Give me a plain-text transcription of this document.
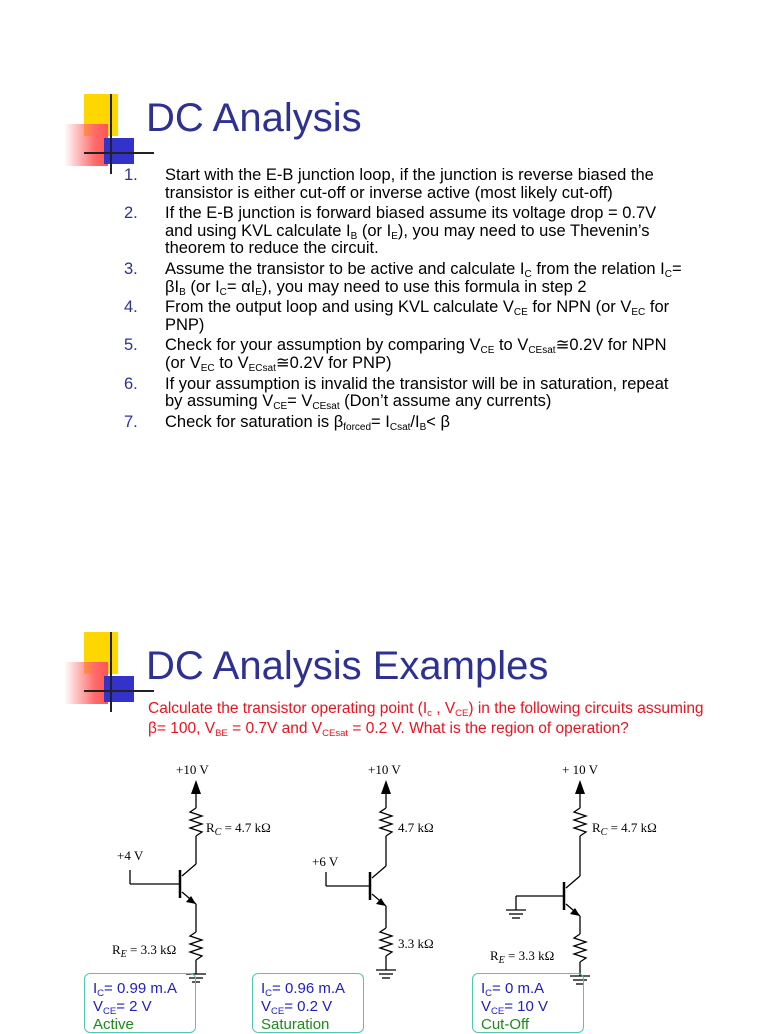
DC Analysis
1. Start with the E-B junction loop, if the junction is reverse biased the transistor is either cut-off or inverse active (most likely cut-off)
2. If the E-B junction is forward biased assume its voltage drop = 0.7V and using KVL calculate $I_B$ (or $I_E$), you may need to use Thevenin’s theorem to reduce the circuit.
3. Assume the transistor to be active and calculate $I_C$ from the relation $I_C= \beta I_B$ (or $I_C= \alpha I_E$), you may need to use this formula in step 2
4. From the output loop and using KVL calculate $V_{CE}$ for NPN (or $V_{EC}$ for PNP)
5. Check for your assumption by comparing $V_{CE}$ to $V_{CEsat}≅0.2V$ for NPN (or $V_{EC}$ to $V_{ECsat}≅0.2V$ for PNP)
6. If your assumption is invalid the transistor will be in saturation, repeat by assuming $V_{CE}= V_{CEsat}$ (Don’t assume any currents)
7. Check for saturation is $\beta_{forced}= I_{Csat}/I_B< \beta$
DC Analysis Examples
Calculate the transistor operating point ($I_c$ , $V_{CE}$) in the following circuits assuming β= 100, $V_{BE} = 0.7V$ and $V_{CEsat} = 0.2$ V. What is the region of operation?
+10 V
$R_C = 4.7$ kΩ
+4 V
$R_E = 3.3$ kΩ
+10 V
4.7 kΩ
+6 V
3.3 kΩ
+ 10 V
$R_C = 4.7$ kΩ
$R_E = 3.3$ kΩ
$I_C= 0.99$ m.A
$V_{CE}= 2$ V
Active
$I_C= 0.96$ m.A
$V_{CE}= 0.2$ V
Saturation
$I_C= 0$ m.A
$V_{CE}= 10$ V
Cut-Off
